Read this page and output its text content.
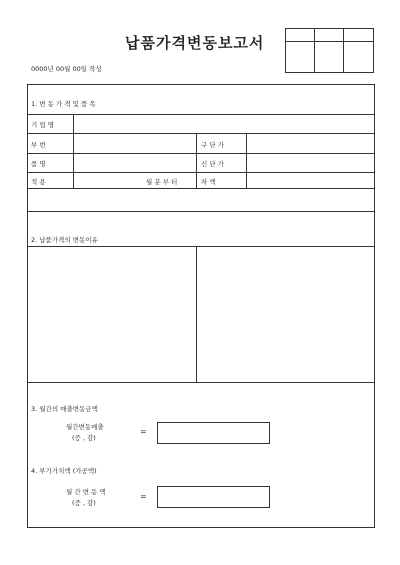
납품가격변동보고서
0000년 00월 00일 작성
1. 변 동 가 격 및 품 목
기 업 명
부 번
품 명
적 용	월 분 부 터
구 단 가
신 단 가
차 액
2. 납품가격의 변동이유
3. 월간의 매출변동금액
월간변동매출
(증 , 감)
=
4. 부가가치액 (가공액)
월 간 변 동 액
(증 , 감)
=
